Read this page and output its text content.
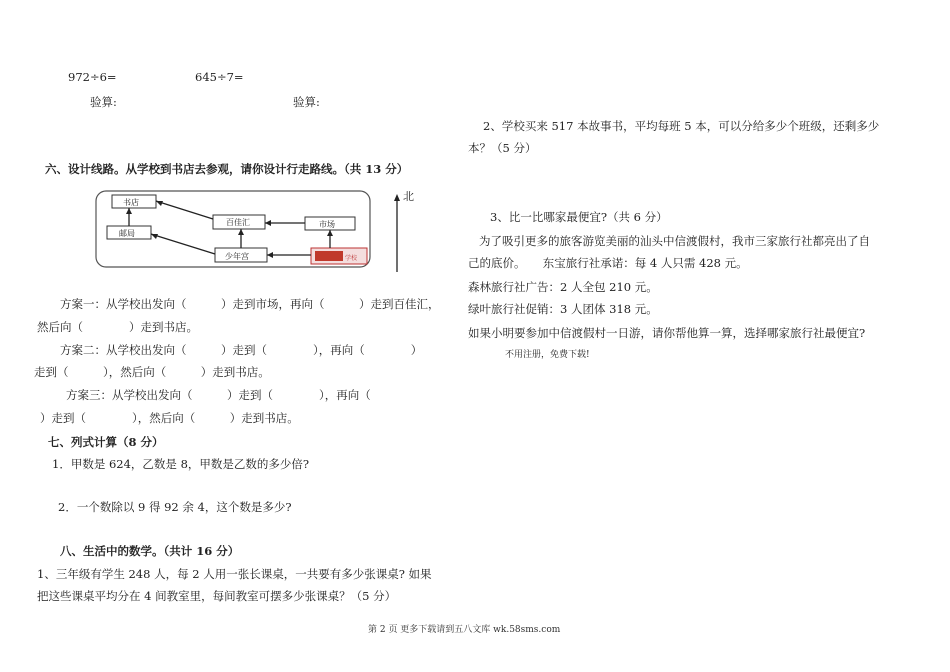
972÷6=	645÷7=
验算:	验算:
六、设计线路。从学校到书店去参观，请你设计行走路线。（共 13 分）
书店
邮局
百佳汇	市场
少年宫	学校
北
方案一：从学校出发向（　　　）走到市场，再向（　　　）走到百佳汇，
然后向（　　　　）走到书店。
方案二：从学校出发向（　　　）走到（　　　　），再向（　　　　）
走到（　　　），然后向（　　　）走到书店。
方案三：从学校出发向（　　　）走到（　　　　），再向（
）走到（　　　　），然后向（　　　）走到书店。
七、列式计算（8 分）
1．甲数是 624，乙数是 8，甲数是乙数的多少倍?
2．一个数除以 9 得 92 余 4，这个数是多少?
八、生活中的数学。（共计 16 分）
1、三年级有学生 248 人，每 2 人用一张长课桌，一共要有多少张课桌? 如果
把这些课桌平均分在 4 间教室里，每间教室可摆多少张课桌？（5 分）
2、学校买来 517 本故事书，平均每班 5 本，可以分给多少个班级，还剩多少
本？（5 分）
3、比一比哪家最便宜?（共 6 分）
为了吸引更多的旅客游览美丽的汕头中信渡假村，我市三家旅行社都亮出了自
己的底价。　　东宝旅行社承诺：每 4 人只需 428 元。
森林旅行社广告：2 人全包 210 元。
绿叶旅行社促销：3 人团体 318 元。
如果小明要参加中信渡假村一日游，请你帮他算一算，选择哪家旅行社最便宜?
不用注册，免费下载!
第 2 页 更多下载请到五八文库 wk.58sms.com
